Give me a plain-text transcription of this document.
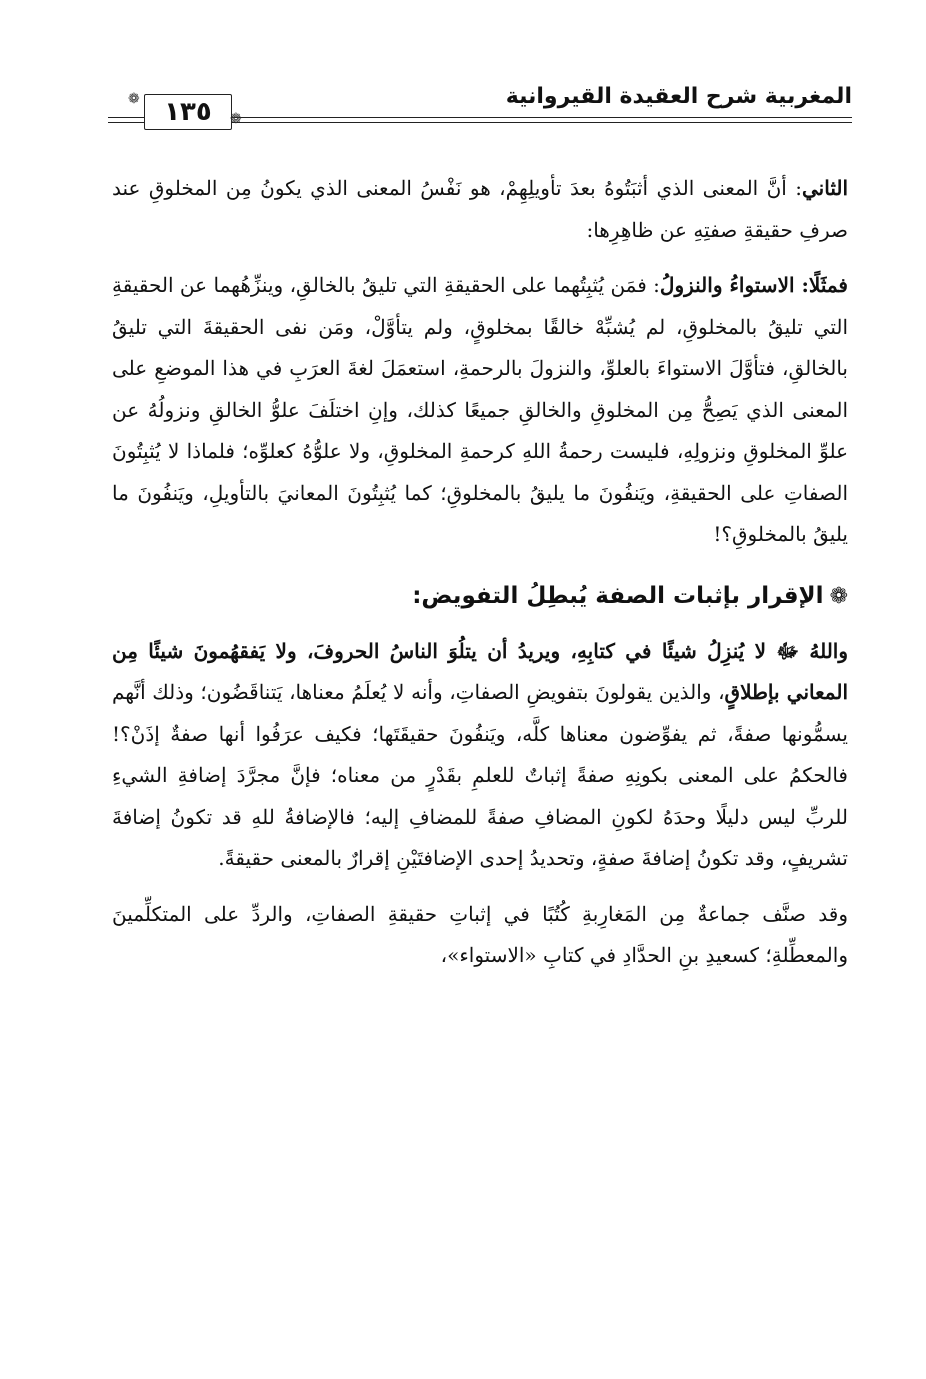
المغربية شرح العقيدة القيروانية
❁ ١٣٥	❁

الثاني: أنَّ المعنى الذي أثبَتُوهُ بعدَ تأويلِهِمْ، هو نَفْسُ المعنى الذي يكونُ مِن المخلوقِ عند صرفِ حقيقةِ صفتِهِ عن ظاهِرِها:

فمثَلًا: الاستواءُ والنزولُ: فمَن يُثبِتُهما على الحقيقةِ التي تليقُ بالخالقِ، وينزِّهُهما عن الحقيقةِ التي تليقُ بالمخلوقِ، لم يُشبِّهْ خالقًا بمخلوقٍ، ولم يتأوَّلْ، ومَن نفى الحقيقةَ التي تليقُ بالخالقِ، فتأوَّلَ الاستواءَ بالعلوِّ، والنزولَ بالرحمةِ، استعمَلَ لغةَ العرَبِ في هذا الموضعِ على المعنى الذي يَصِحُّ مِن المخلوقِ والخالقِ جميعًا كذلك، وإنِ اختلَفَ علوُّ الخالقِ ونزولُهُ عن علوِّ المخلوقِ ونزولِهِ، فليست رحمةُ اللهِ كرحمةِ المخلوقِ، ولا علوُّهُ كعلوِّه؛ فلماذا لا يُثبِتُونَ الصفاتِ على الحقيقةِ، ويَنفُونَ ما يليقُ بالمخلوقِ؛ كما يُثبِتُونَ المعانيَ بالتأويلِ، ويَنفُونَ ما يليقُ بالمخلوقِ؟!

❁الإقرار بإثبات الصفة يُبطِلُ التفويض:

واللهُ ﷻ لا يُنزِلُ شيئًا في كتابِهِ، ويريدُ أن يتلُوَ الناسُ الحروفَ، ولا يَفقهُمونَ شيئًا مِن المعاني بإطلاقٍ، والذين يقولونَ بتفويضِ الصفاتِ، وأنه لا يُعلَمُ معناها، يَتناقَضُون؛ وذلك أنَّهم يسمُّونها صفةً، ثم يفوِّضون معناها كلَّه، ويَنفُونَ حقيقَتَها؛ فكيف عرَفُوا أنها صفةٌ إذَنْ؟! فالحكمُ على المعنى بكونِهِ صفةً إثباتٌ للعلمِ بقَدْرٍ من معناه؛ فإنَّ مجرَّدَ إضافةِ الشيءِ للربِّ ليس دليلًا وحدَهُ لكونِ المضافِ صفةً للمضافِ إليه؛ فالإضافةُ للهِ قد تكونُ إضافةَ تشريفٍ، وقد تكونُ إضافةَ صفةٍ، وتحديدُ إحدى الإضافتَيْنِ إقرارٌ بالمعنى حقيقةً.

وقد صنَّف جماعةٌ مِن المَغارِبةِ كُتُبًا في إثباتِ حقيقةِ الصفاتِ، والردِّ على المتكلِّمينَ والمعطِّلةِ؛ كسعيدِ بنِ الحدَّادِ في كتابِ «الاستواء»،
